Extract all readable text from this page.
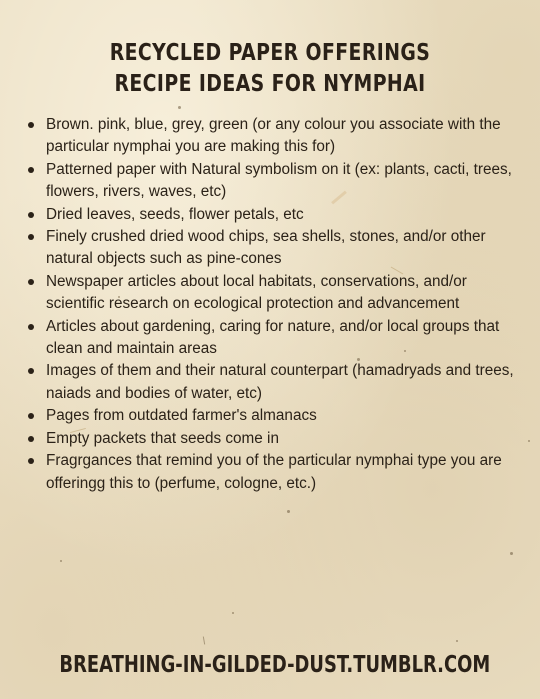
RECYCLED PAPER OFFERINGS
RECIPE IDEAS FOR NYMPHAI
Brown. pink, blue, grey, green (or any colour you associate with the particular nymphai you are making this for)
Patterned paper with Natural symbolism on it (ex: plants, cacti, trees, flowers, rivers, waves, etc)
Dried leaves, seeds, flower petals, etc
Finely crushed dried wood chips, sea shells, stones, and/or other natural objects such as pine-cones
Newspaper articles about local habitats, conservations, and/or scientific research on ecological protection and advancement
Articles about gardening, caring for nature, and/or local groups that clean and maintain areas
Images of them and their natural counterpart (hamadryads and trees, naiads and bodies of water, etc)
Pages from outdated farmer's almanacs
Empty packets that seeds come in
Fragrgances that remind you of the particular nymphai type you are offeringg this to (perfume, cologne, etc.)
BREATHING-IN-GILDED-DUST.TUMBLR.COM
